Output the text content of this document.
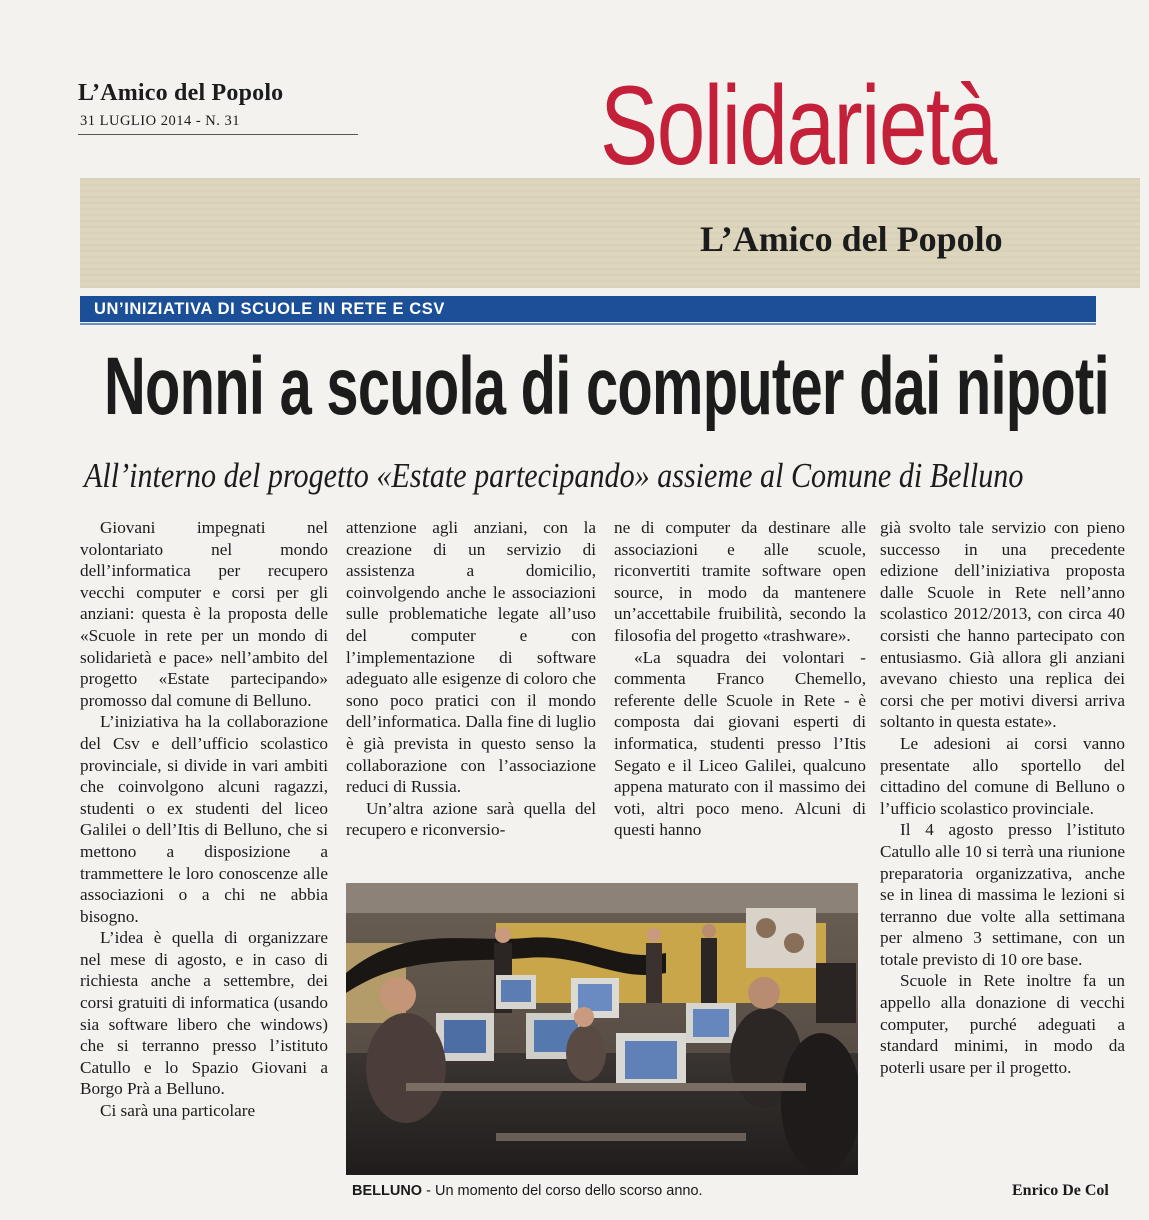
L’Amico del Popolo
31 LUGLIO 2014 - N. 31	Solidarietà
L’Amico del Popolo
UN’INIZIATIVA DI SCUOLE IN RETE E CSV
Nonni a scuola di computer dai nipoti
All’interno del progetto «Estate partecipando» assieme al Comune di Belluno

Giovani impegnati nel volontariato nel mondo dell’informatica per recupero vecchi computer e corsi per gli anziani: questa è la proposta delle «Scuole in rete per un mondo di solidarietà e pace» nell’ambito del progetto «Estate partecipando» promosso dal comune di Belluno.

L’iniziativa ha la collaborazione del Csv e dell’ufficio scolastico provinciale, si divide in vari ambiti che coinvolgono alcuni ragazzi, studenti o ex studenti del liceo Galilei o dell’Itis di Belluno, che si mettono a disposizione a trammettere le loro conoscenze alle associazioni o a chi ne abbia bisogno.

L’idea è quella di organizzare nel mese di agosto, e in caso di richiesta anche a settembre, dei corsi gratuiti di informatica (usando sia software libero che windows) che si terranno presso l’istituto Catullo e lo Spazio Giovani a Borgo Prà a Belluno.

Ci sarà una particolare

attenzione agli anziani, con la creazione di un servizio di assistenza a domicilio, coinvolgendo anche le associazioni sulle problematiche legate all’uso del computer e con l’implementazione di software adeguato alle esigenze di coloro che sono poco pratici con il mondo dell’informatica. Dalla fine di luglio è già prevista in questo senso la collaborazione con l’associazione reduci di Russia.

Un’altra azione sarà quella del recupero e riconversio-

ne di computer da destinare alle associazioni e alle scuole, riconvertiti tramite software open source, in modo da mantenere un’accettabile fruibilità, secondo la filosofia del progetto «trashware».

«La squadra dei volontari - commenta Franco Chemello, referente delle Scuole in Rete - è composta dai giovani esperti di informatica, studenti presso l’Itis Segato e il Liceo Galilei, qualcuno appena maturato con il massimo dei voti, altri poco meno. Alcuni di questi hanno

già svolto tale servizio con pieno successo in una precedente edizione dell’iniziativa proposta dalle Scuole in Rete nell’anno scolastico 2012/2013, con circa 40 corsisti che hanno partecipato con entusiasmo. Già allora gli anziani avevano chiesto una replica dei corsi che per motivi diversi arriva soltanto in questa estate».

Le adesioni ai corsi vanno presentate allo sportello del cittadino del comune di Belluno o l’ufficio scolastico provinciale.

Il 4 agosto presso l’istituto Catullo alle 10 si terrà una riunione preparatoria organizzativa, anche se in linea di massima le lezioni si terranno due volte alla settimana per almeno 3 settimane, con un totale previsto di 10 ore base.

Scuole in Rete inoltre fa un appello alla donazione di vecchi computer, purché adeguati a standard minimi, in modo da poterli usare per il progetto.

BELLUNO - Un momento del corso dello scorso anno.	Enrico De Col
